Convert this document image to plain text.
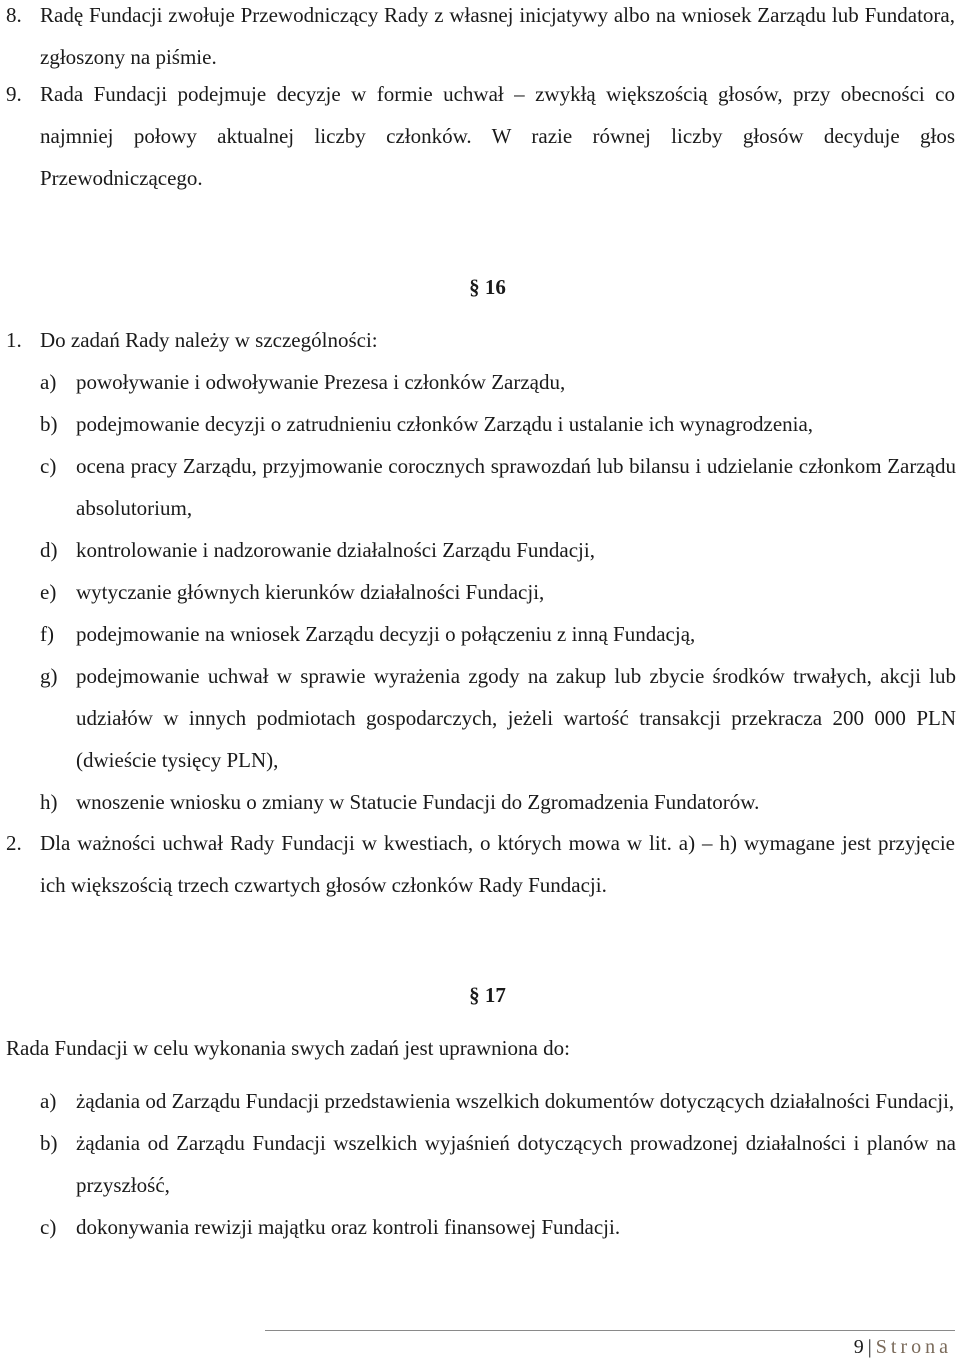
8. Radę Fundacji zwołuje Przewodniczący Rady z własnej inicjatywy albo na wniosek Zarządu lub Fundatora, zgłoszony na piśmie.
9. Rada Fundacji podejmuje decyzje w formie uchwał – zwykłą większością głosów, przy obecności co najmniej połowy aktualnej liczby członków. W razie równej liczby głosów decyduje głos Przewodniczącego.
§ 16
1. Do zadań Rady należy w szczególności:
a) powoływanie i odwoływanie Prezesa i członków Zarządu,
b) podejmowanie decyzji o zatrudnieniu członków Zarządu i ustalanie ich wynagrodzenia,
c) ocena pracy Zarządu, przyjmowanie corocznych sprawozdań lub bilansu i udzielanie członkom Zarządu absolutorium,
d) kontrolowanie i nadzorowanie działalności Zarządu Fundacji,
e) wytyczanie głównych kierunków działalności Fundacji,
f) podejmowanie na wniosek Zarządu decyzji o połączeniu z inną Fundacją,
g) podejmowanie uchwał w sprawie wyrażenia zgody na zakup lub zbycie środków trwałych, akcji lub udziałów w innych podmiotach gospodarczych, jeżeli wartość transakcji przekracza 200 000 PLN (dwieście tysięcy PLN),
h) wnoszenie wniosku o zmiany w Statucie Fundacji do Zgromadzenia Fundatorów.
2. Dla ważności uchwał Rady Fundacji w kwestiach, o których mowa w lit. a) – h) wymagane jest przyjęcie ich większością trzech czwartych głosów członków Rady Fundacji.
§ 17
Rada Fundacji w celu wykonania swych zadań jest uprawniona do:
a) żądania od Zarządu Fundacji przedstawienia wszelkich dokumentów dotyczących działalności Fundacji,
b) żądania od Zarządu Fundacji wszelkich wyjaśnień dotyczących prowadzonej działalności i planów na przyszłość,
c) dokonywania rewizji majątku oraz kontroli finansowej Fundacji.
9 | Strona
